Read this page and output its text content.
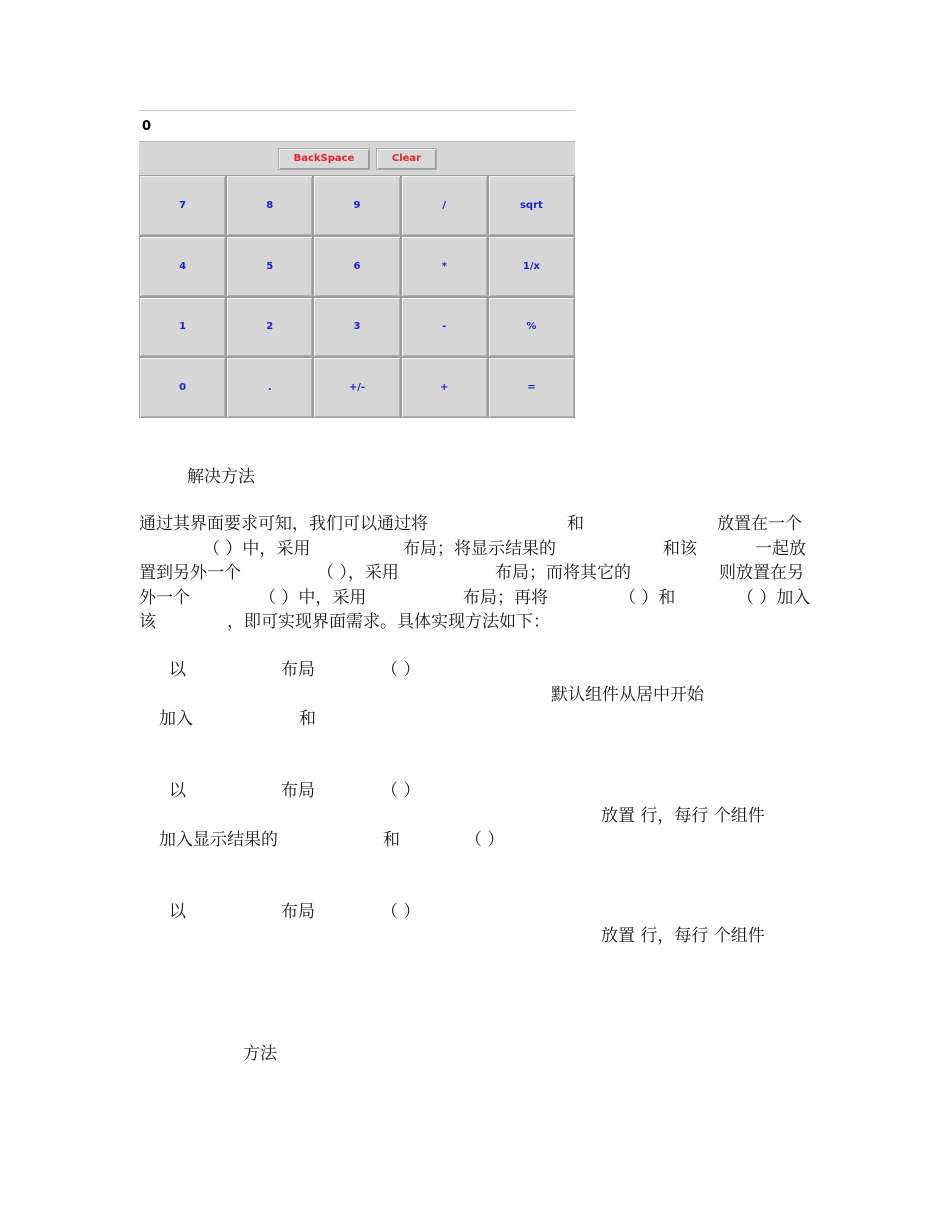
0
BackSpace	Clear
7	8	9	/	sqrt
4	5	6	*	1/x
1	2	3	-	%
0	.	+/-	+	=
解决方法
通过其界面要求可知，我们可以通过将	和	放置在一个
（ ）中，采用	布局；将显示结果的	和该	一起放
置到另外一个	（ ），采用	布局；而将其它的	则放置在另
外一个	（ ）中，采用	布局；再将	（ ）和	（ ）加入
该	，即可实现界面需求。具体实现方法如下：
以	布局	（ ）
默认组件从居中开始
加入	和
以	布局	（ ）
放置 行，每行 个组件
加入显示结果的	和	（ ）
以	布局	（ ）
放置 行，每行 个组件
方法
